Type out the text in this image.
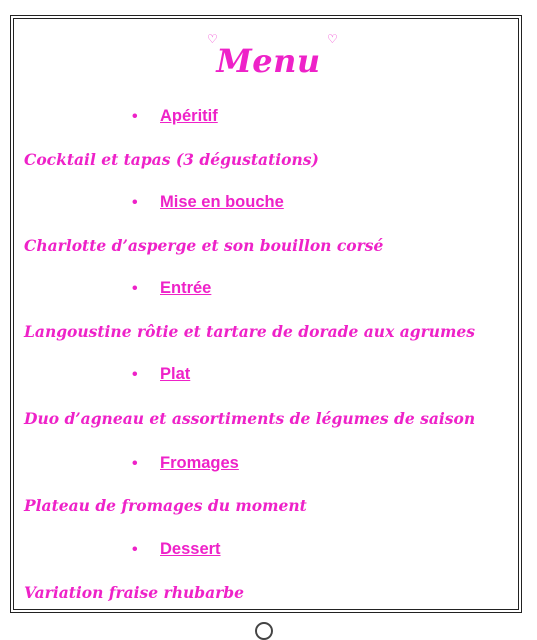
♡	♡
Menu
• Apéritif
Cocktail et tapas (3 dégustations)
• Mise en bouche
Charlotte d’asperge et son bouillon corsé
• Entrée
Langoustine rôtie et tartare de dorade aux agrumes
• Plat
Duo d’agneau et assortiments de légumes de saison
• Fromages
Plateau de fromages du moment
• Dessert
Variation fraise rhubarbe
